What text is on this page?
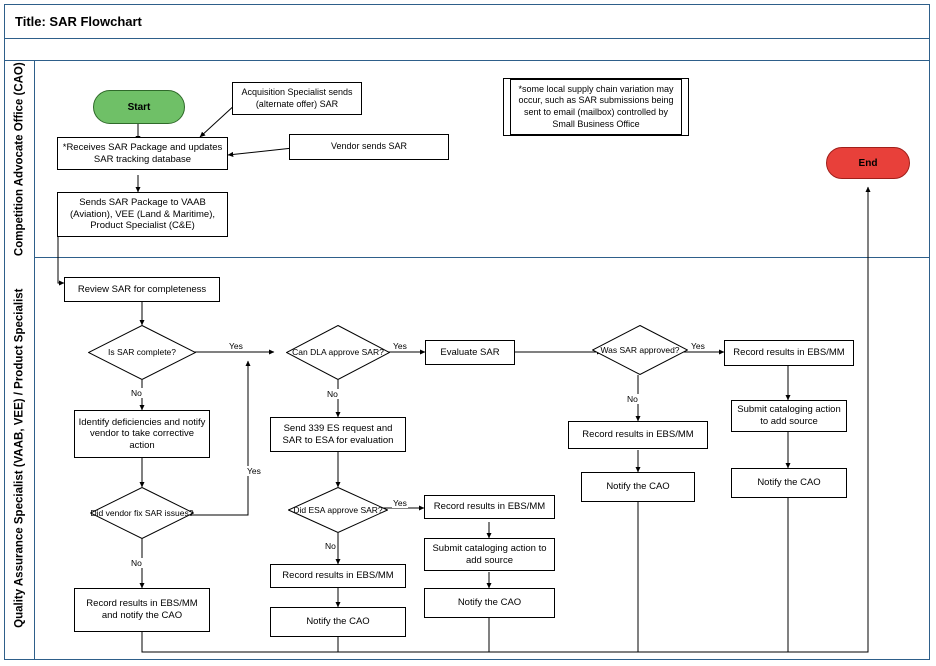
Title: SAR Flowchart
Competition Advocate Office (CAO)
Quality Assurance Specialist (VAAB, VEE) / Product Specialist
Start
Acquisition Specialist sends (alternate offer) SAR
Vendor sends SAR
*Receives SAR Package and updates SAR tracking database
Sends SAR Package to VAAB (Aviation), VEE (Land & Maritime), Product Specialist (C&E)
*some local supply chain variation may occur, such as SAR submissions being sent to email (mailbox) controlled by Small Business Office
End
Review SAR for completeness
Is SAR complete?
Identify deficiencies and notify vendor to take corrective action
Did vendor fix SAR issues?
Record results in EBS/MM and notify the CAO
Can DLA approve SAR?
Send 339 ES request and SAR to ESA for evaluation
Did ESA approve SAR?
Record results in EBS/MM
Notify the CAO
Evaluate SAR
Record results in EBS/MM
Submit cataloging action to add source
Notify the CAO
Was SAR approved?
Record results in EBS/MM
Notify the CAO
Record results in EBS/MM
Submit cataloging action to add source
Notify the CAO
Yes
No
Yes
No
Yes
No
Yes
No
Yes
No
